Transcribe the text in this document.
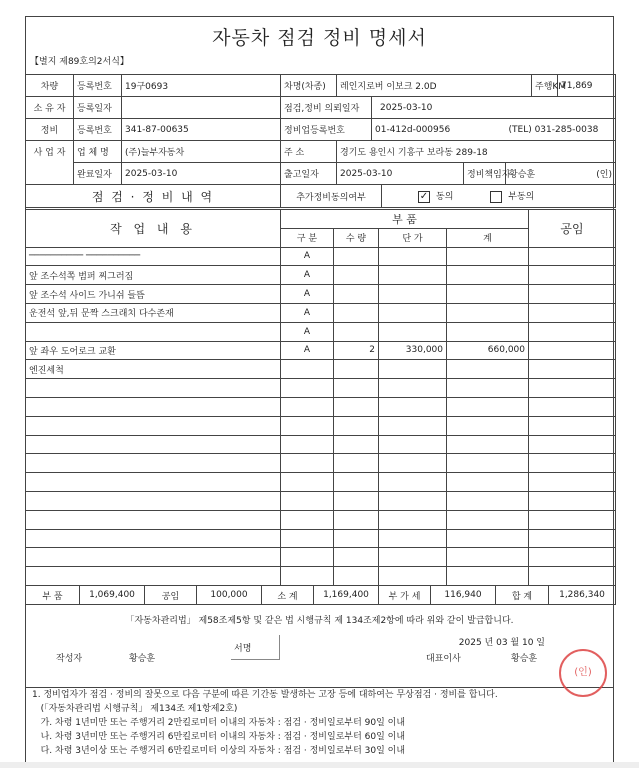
자동차 점검 정비 명세서
【별지 제89호의2서식】
차량	등록번호	19구0693	차명(차종)	레인지로버 이보크 2.0D					주행KM	71,869
소 유 자	등록일자		점검,정비 의뢰일자		2025-03-10					
정비	등록번호	341-87-00635	정비업등록번호		01-412d-000956			(TEL) 031-285-0038		
사 업 자	업 체 명	(주)늘부자동차	주 소	경기도 용인시 기흥구 보라동 289-18						
	완료일자	2025-03-10	출고일자	2025-03-10			정비책임자	황승훈		(인)
점 검 · 정 비 내 역			추가정비동의여부			✓ 동의 부동의				
작 업 내 용	부 품				공임
	구 분	수 량	단 가	계	
────────── ──────────	A				
앞 조수석쪽 범퍼 찌그러짐	A				
앞 조수석 사이드 가니쉬 들뜸	A				
운전석 앞,뒤 문짝 스크래치 다수존재	A				
	A				
앞 좌우 도어로크 교환	A	2	330,000	660,000	
엔진세척					

부 품	1,069,400	공임	100,000	소 계	1,169,400	부 가 세	116,940	합 계	1,286,340
「자동차관리법」 제58조제5항 및 같은 법 시행규칙 제 134조제2항에 따라 위와 같이 발급합니다.
2025 년 03 월 10 일
작성자	황승훈
서명
대표이사	황승훈
(인)
1. 정비업자가 점검 · 정비의 잘못으로 다음 구분에 따른 기간동 발생하는 고장 등에 대하여는 무상점검 · 정비를 합니다.
(「자동차관리법 시행규칙」 제134조 제1항제2호)
가. 차령 1년미만 또는 주행거리 2만킬로미터 이내의 자동차 : 점검 · 정비일로부터 90일 이내
나. 차령 3년미만 또는 주행거리 6만킬로미터 이내의 자동차 : 점검 · 정비일로부터 60일 이내
다. 차령 3년이상 또는 주행거리 6만킬로미터 이상의 자동차 : 점검 · 정비일로부터 30일 이내
